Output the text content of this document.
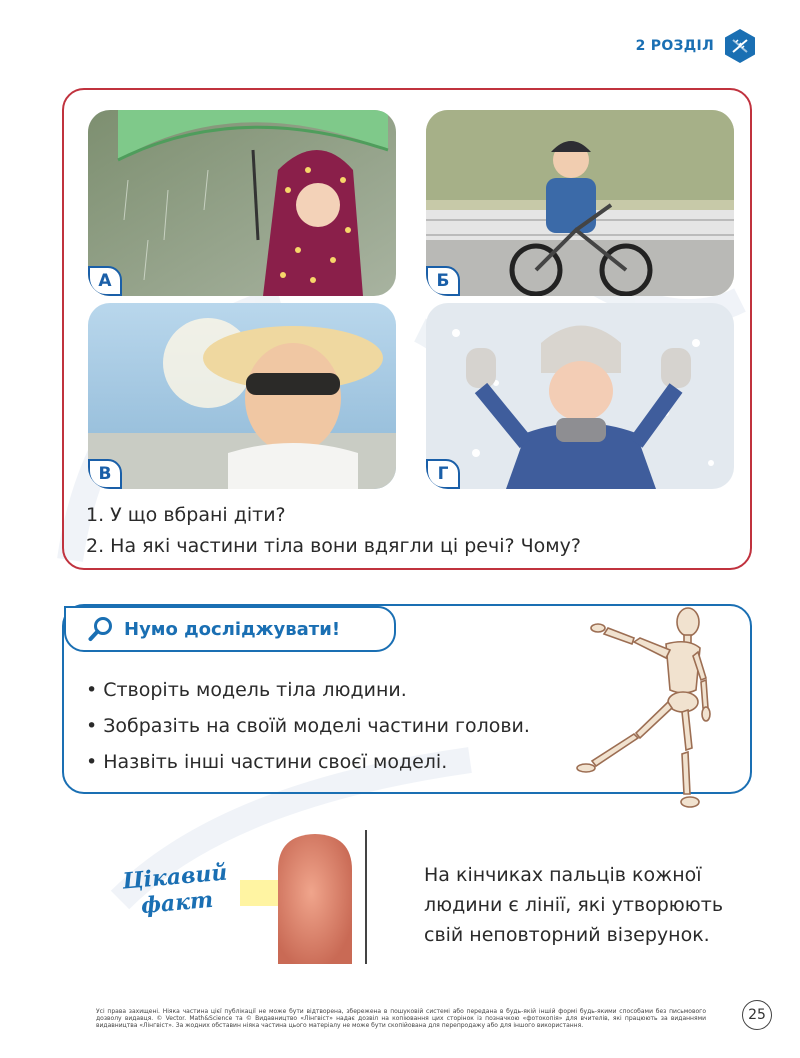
2 РОЗДІЛ
А	Б
В	Г
1. У що вбрані діти?
2. На які частини тіла вони вдягли ці речі? Чому?
Нумо досліджувати!
• Створіть модель тіла людини.
• Зобразіть на своїй моделі частини голови.
• Назвіть інші частини своєї моделі.
Цікавий
факт
На кінчиках пальців кожної
людини є лінії, які утворюють
свій неповторний візерунок.
Усі права захищені. Ніяка частина цієї публікації не може бути відтворена, збережена в пошуковій системі або передана в будь-якій іншій формі будь-якими способами без письмового дозволу видавця. © Vector. Math&Science та © Видавництво «Лінгвіст» надає дозвіл на копіювання цих сторінок із позначкою «фотокопія» для вчителів, які працюють за виданнями видавництва «Лінгвіст». За жодних обставин ніяка частина цього матеріалу не може бути скопійована для перепродажу або для іншого використання.
25
